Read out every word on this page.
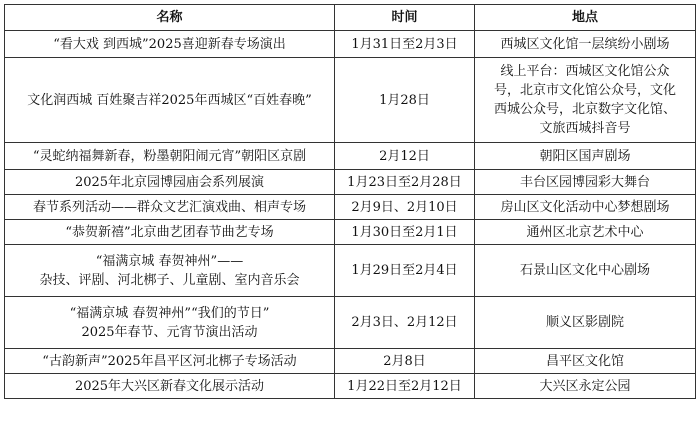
名称	时间	地点

“看大戏 到西城”2025喜迎新春专场演出	1月31日至2月3日	西城区文化馆一层缤纷小剧场

文化润西城 百姓聚吉祥2025年西城区“百姓春晚”	1月28日	线上平台：西城区文化馆公众
号，北京市文化馆公众号，文化
西城公众号，北京数字文化馆、
文旅西城抖音号

“灵蛇纳福舞新春，粉墨朝阳闹元宵”朝阳区京剧	2月12日	朝阳区国声剧场

2025年北京园博园庙会系列展演	1月23日至2月28日	丰台区园博园彩大舞台

春节系列活动——群众文艺汇演戏曲、相声专场	2月9日、2月10日	房山区文化活动中心梦想剧场

“恭贺新禧”北京曲艺团春节曲艺专场	1月30日至2月1日	通州区北京艺术中心

“福满京城 春贺神州”——
杂技、评剧、河北梆子、儿童剧、室内音乐会	1月29日至2月4日	石景山区文化中心剧场

“福满京城 春贺神州”“我们的节日”
2025年春节、元宵节演出活动	2月3日、2月12日	顺义区影剧院

“古韵新声”2025年昌平区河北梆子专场活动	2月8日	昌平区文化馆

2025年大兴区新春文化展示活动	1月22日至2月12日	大兴区永定公园
